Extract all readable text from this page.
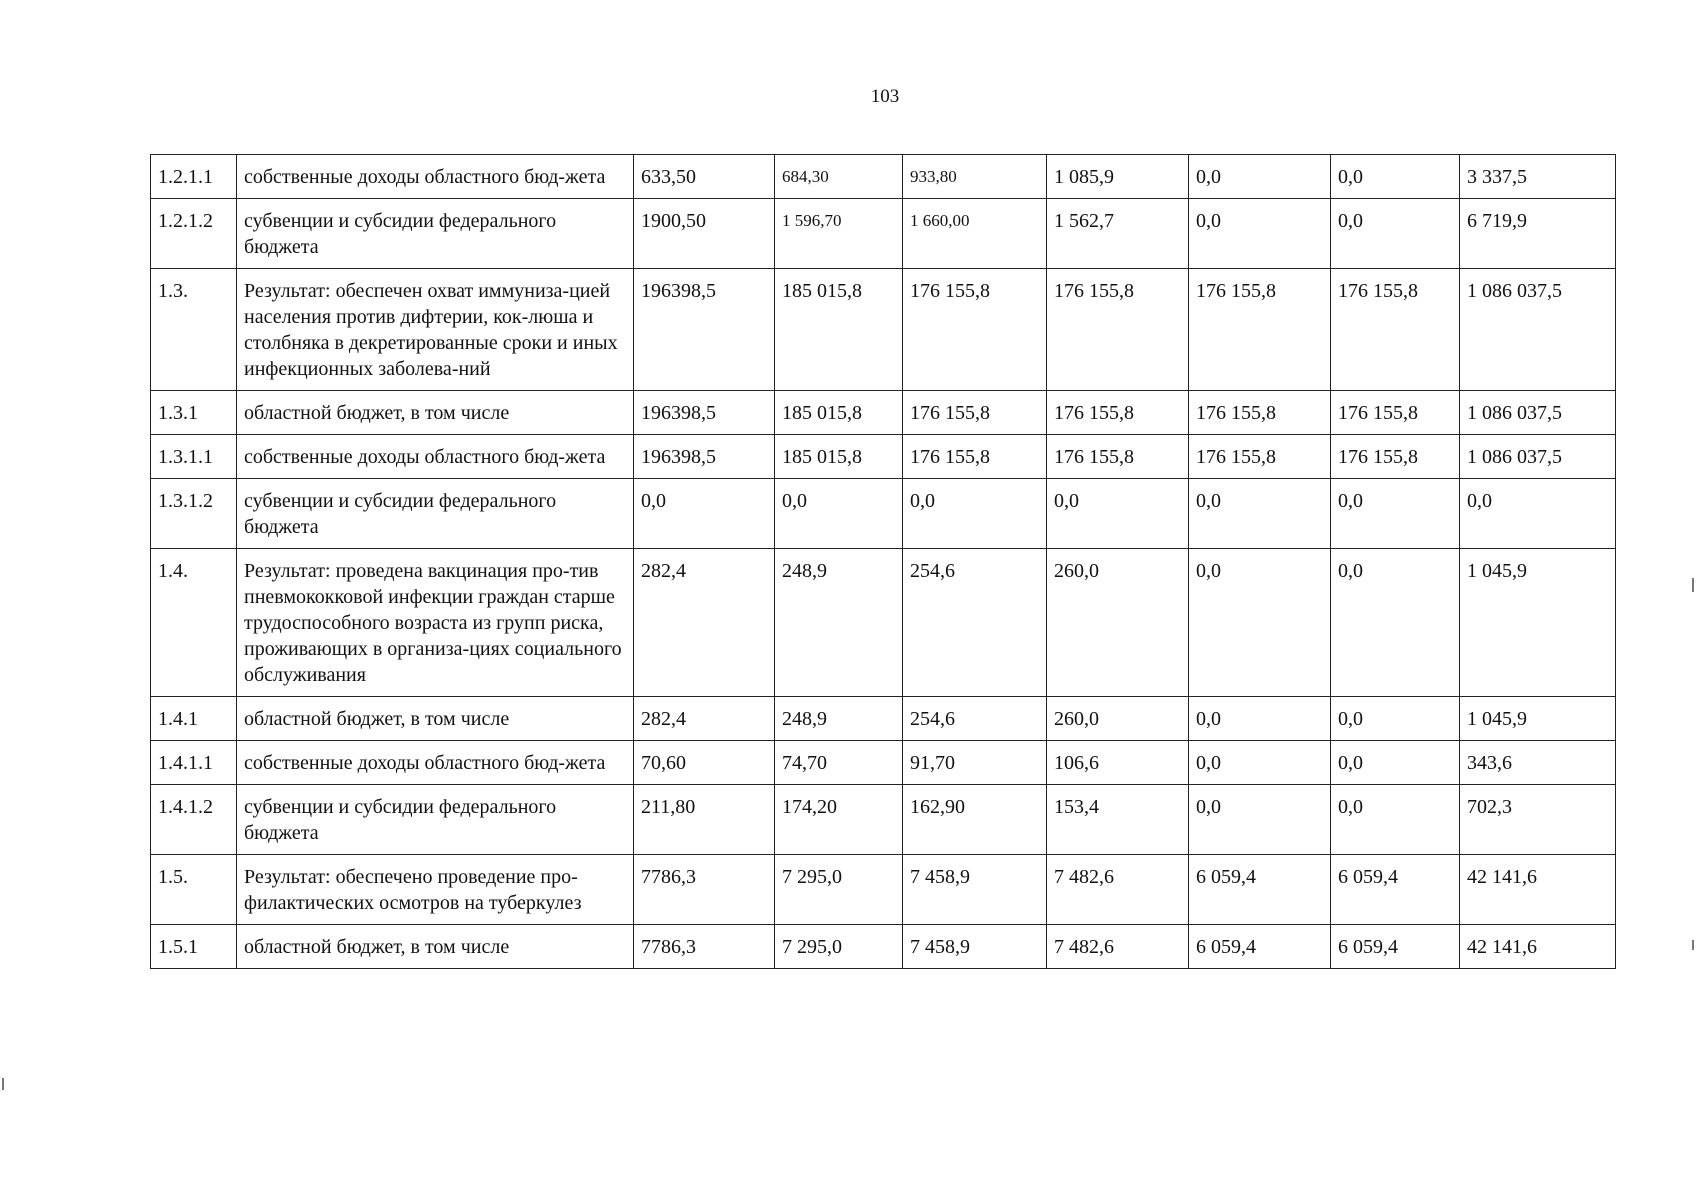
103
1.2.1.1	собственные доходы областного бюд-жета	633,50	684,30	933,80	1 085,9	0,0	0,0	3 337,5
1.2.1.2	субвенции и субсидии федерального бюджета	1900,50	1 596,70	1 660,00	1 562,7	0,0	0,0	6 719,9
1.3.	Результат: обеспечен охват иммуниза-цией населения против дифтерии, кок-люша и столбняка в декретированные сроки и иных инфекционных заболева-ний	196398,5	185 015,8	176 155,8	176 155,8	176 155,8	176 155,8	1 086 037,5
1.3.1	областной бюджет, в том числе	196398,5	185 015,8	176 155,8	176 155,8	176 155,8	176 155,8	1 086 037,5
1.3.1.1	собственные доходы областного бюд-жета	196398,5	185 015,8	176 155,8	176 155,8	176 155,8	176 155,8	1 086 037,5
1.3.1.2	субвенции и субсидии федерального бюджета	0,0	0,0	0,0	0,0	0,0	0,0	0,0
1.4.	Результат: проведена вакцинация про-тив пневмококковой инфекции граждан старше трудоспособного возраста из групп риска, проживающих в организа-циях социального обслуживания	282,4	248,9	254,6	260,0	0,0	0,0	1 045,9
1.4.1	областной бюджет, в том числе	282,4	248,9	254,6	260,0	0,0	0,0	1 045,9
1.4.1.1	собственные доходы областного бюд-жета	70,60	74,70	91,70	106,6	0,0	0,0	343,6
1.4.1.2	субвенции и субсидии федерального бюджета	211,80	174,20	162,90	153,4	0,0	0,0	702,3
1.5.	Результат: обеспечено проведение про-филактических осмотров на туберкулез	7786,3	7 295,0	7 458,9	7 482,6	6 059,4	6 059,4	42 141,6
1.5.1	областной бюджет, в том числе	7786,3	7 295,0	7 458,9	7 482,6	6 059,4	6 059,4	42 141,6
